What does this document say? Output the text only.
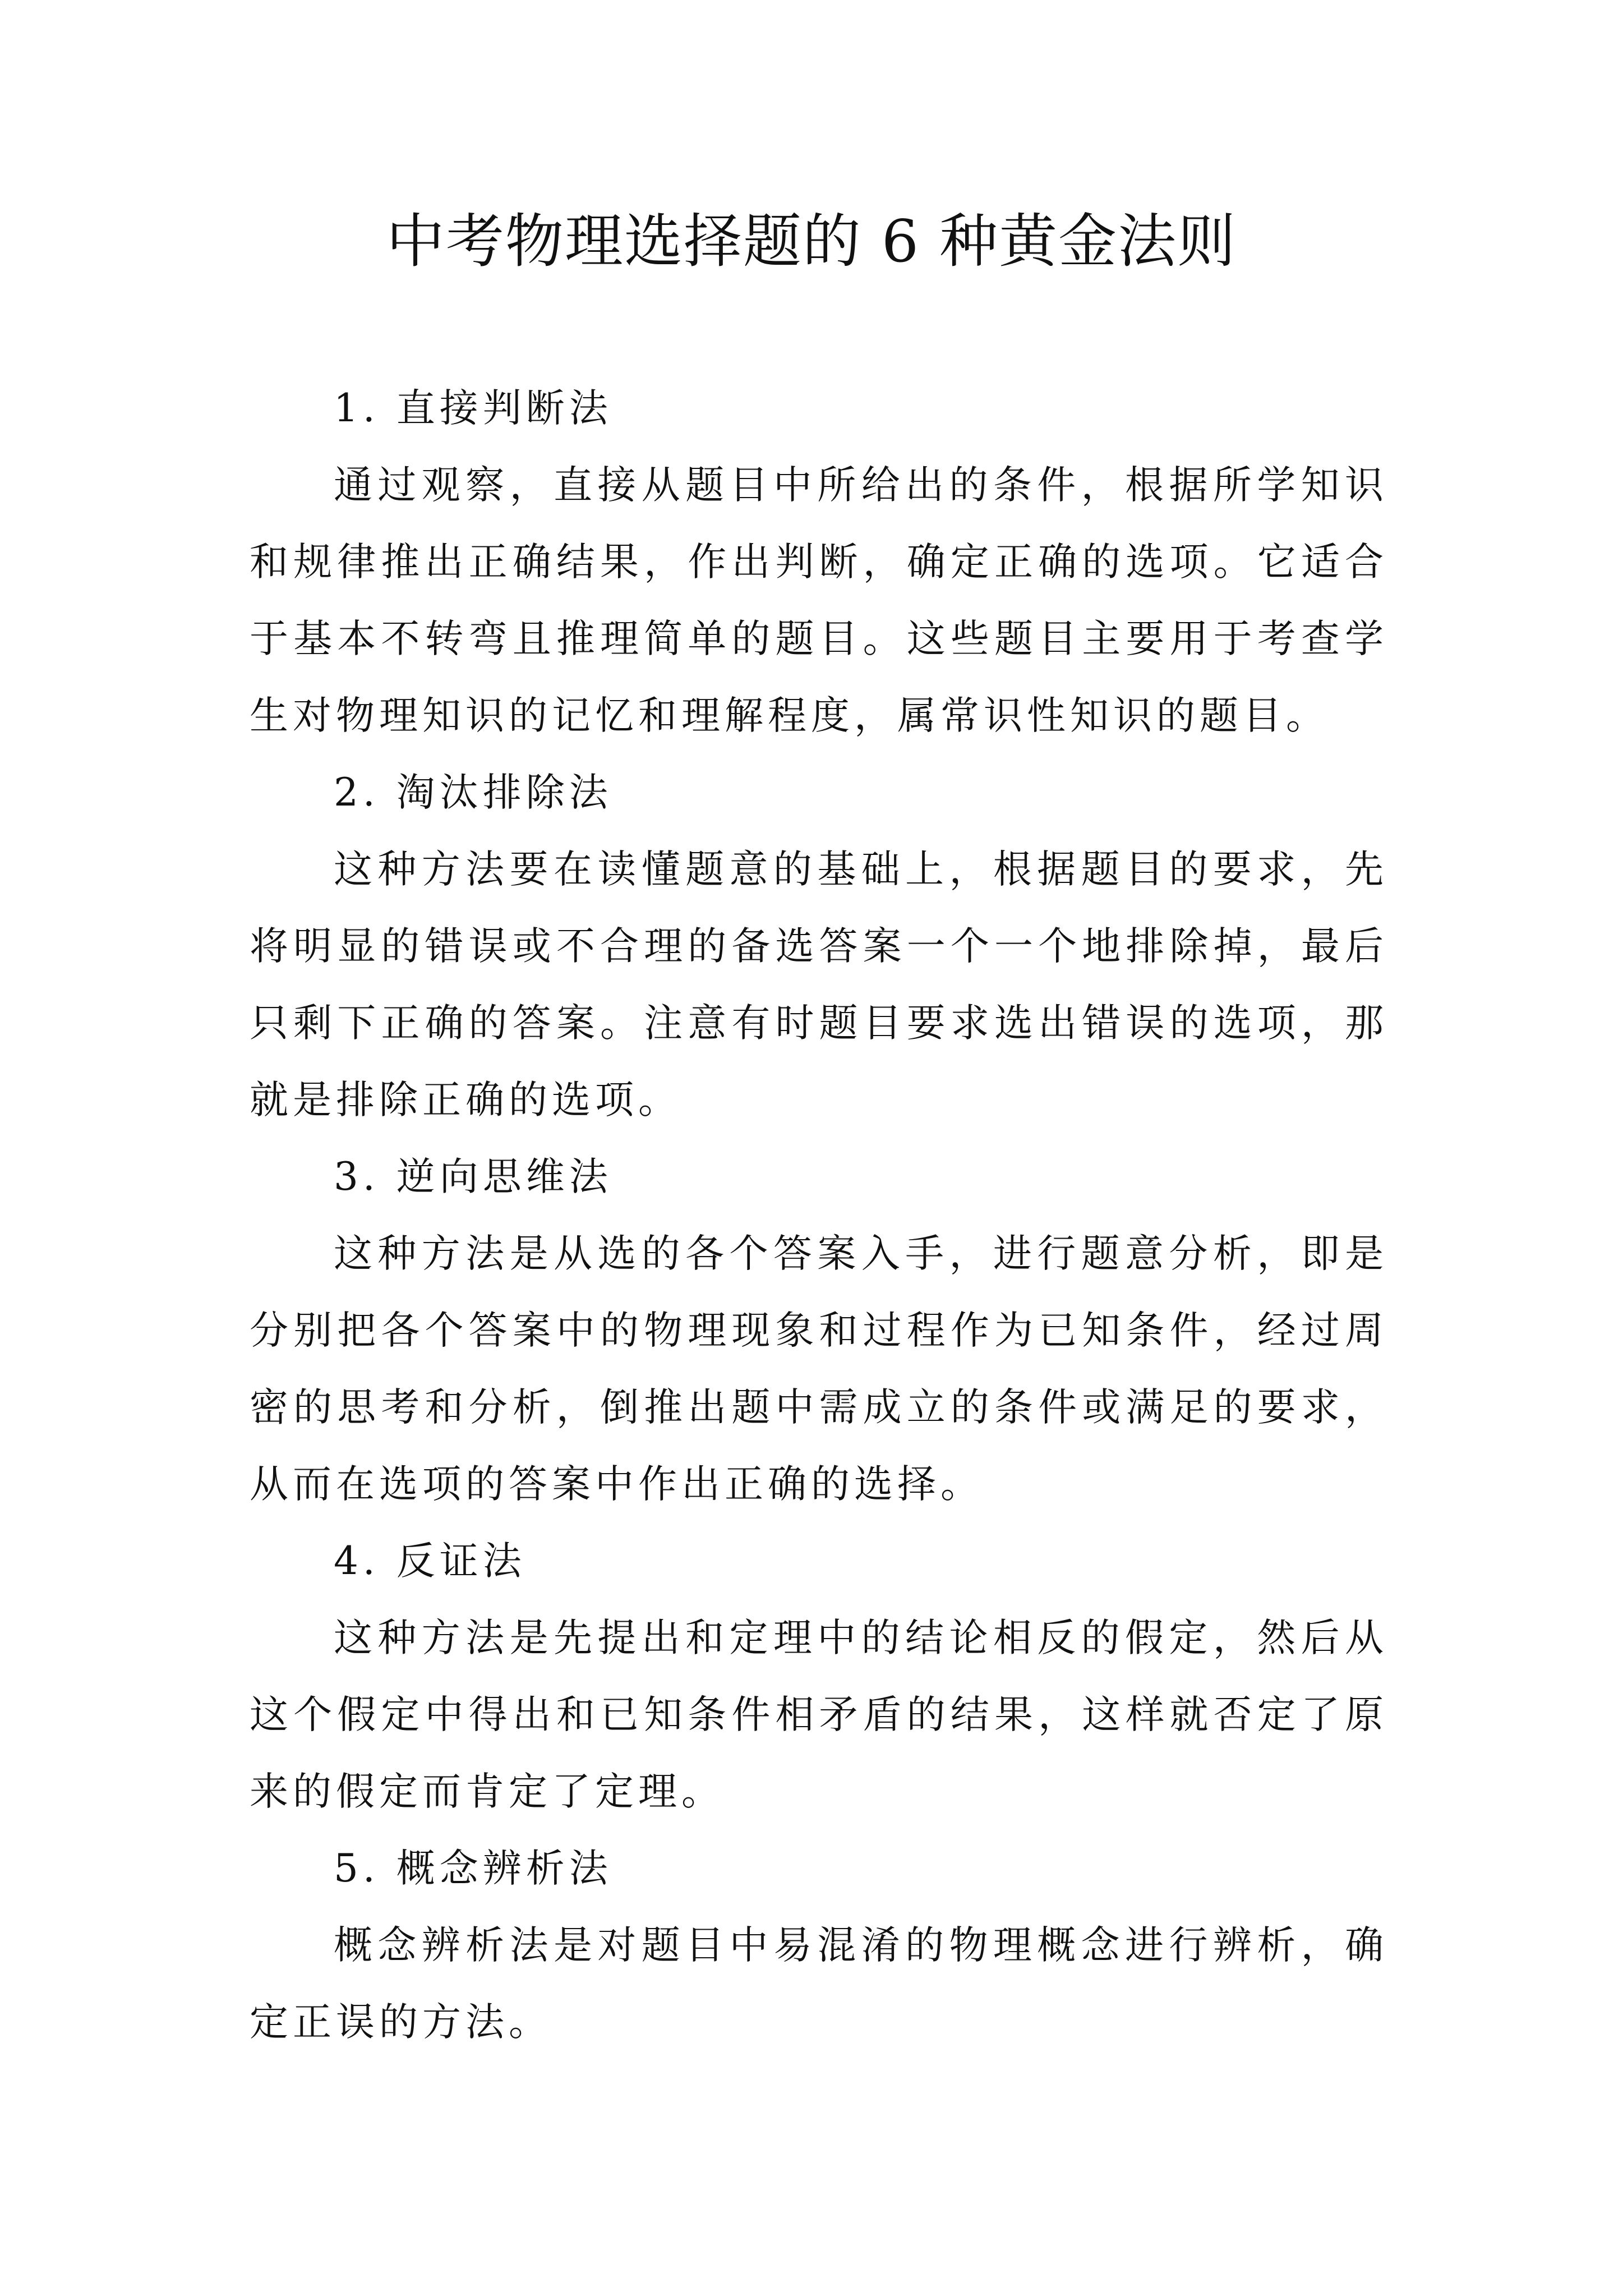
中考物理选择题的 6 种黄金法则

1. 直接判断法

通过观察，直接从题目中所给出的条件，根据所学知识和规律推出正确结果，作出判断，确定正确的选项。它适合于基本不转弯且推理简单的题目。这些题目主要用于考查学生对物理知识的记忆和理解程度，属常识性知识的题目。

2. 淘汰排除法

这种方法要在读懂题意的基础上，根据题目的要求，先将明显的错误或不合理的备选答案一个一个地排除掉，最后只剩下正确的答案。注意有时题目要求选出错误的选项，那就是排除正确的选项。

3. 逆向思维法

这种方法是从选的各个答案入手，进行题意分析，即是分别把各个答案中的物理现象和过程作为已知条件，经过周密的思考和分析，倒推出题中需成立的条件或满足的要求，从而在选项的答案中作出正确的选择。

4. 反证法

这种方法是先提出和定理中的结论相反的假定，然后从这个假定中得出和已知条件相矛盾的结果，这样就否定了原来的假定而肯定了定理。

5. 概念辨析法

概念辨析法是对题目中易混淆的物理概念进行辨析，确定正误的方法。
